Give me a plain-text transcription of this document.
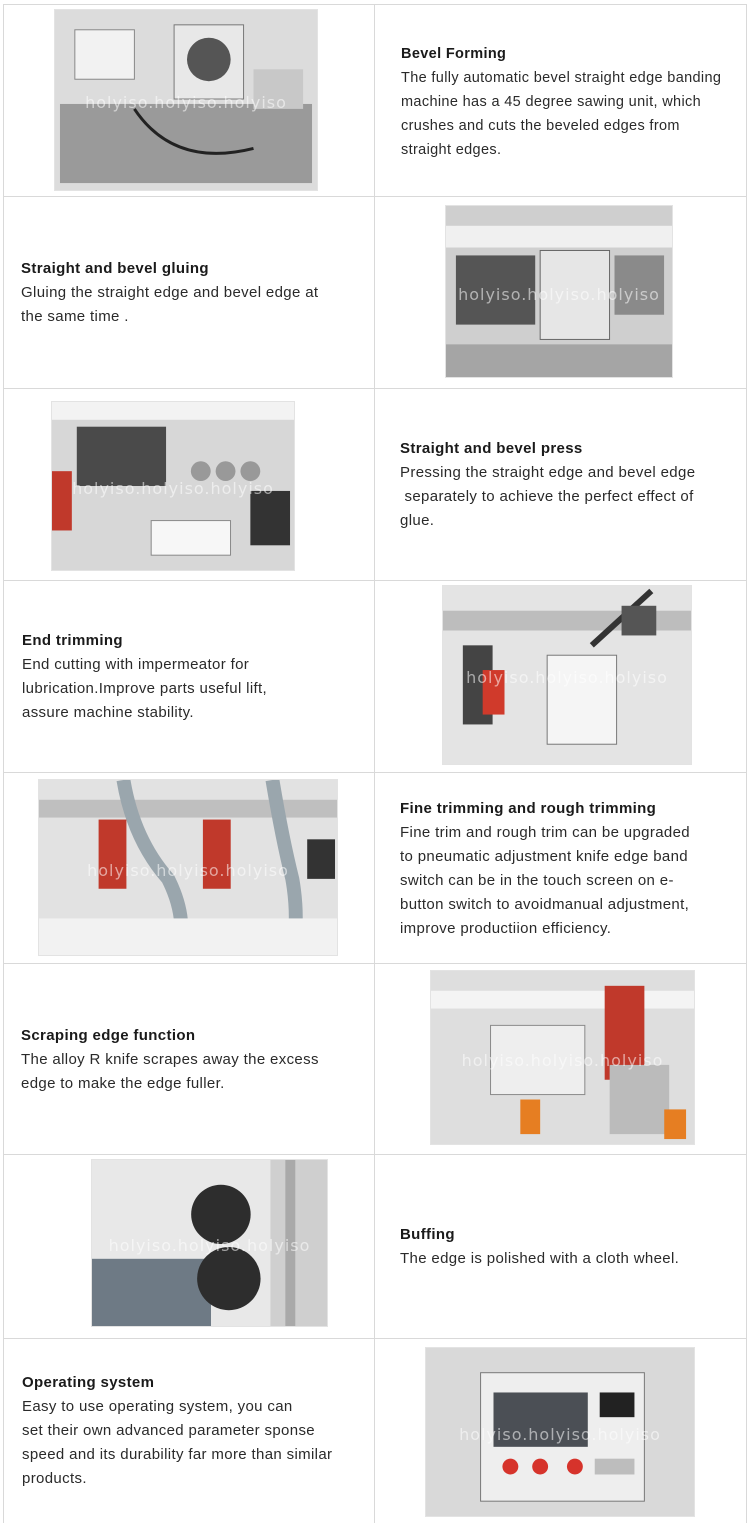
holyiso.holyiso.holyiso
Bevel Forming
The fully automatic bevel straight edge banding
machine has a 45 degree sawing unit, which
crushes and cuts the beveled edges from
straight edges.
Straight and bevel gluing
Gluing the straight edge and bevel edge at
the same time .
holyiso.holyiso.holyiso
holyiso.holyiso.holyiso
Straight and bevel press
Pressing the straight edge and bevel edge
separately to achieve the perfect effect of
glue.
End trimming
End cutting with impermeator for
lubrication.Improve parts useful lift,
assure machine stability.
holyiso.holyiso.holyiso
holyiso.holyiso.holyiso
Fine trimming and rough trimming
Fine trim and rough trim can be upgraded
to pneumatic adjustment knife edge band
switch can be in the touch screen on e-
button switch to avoidmanual adjustment,
improve productiion efficiency.
Scraping edge function
The alloy R knife scrapes away the excess
edge to make the edge fuller.
holyiso.holyiso.holyiso
holyiso.holyiso.holyiso
Buffing
The edge is polished with a cloth wheel.
Operating system
Easy to use operating system, you can
set their own advanced parameter sponse
speed and its durability far more than similar
products.
holyiso.holyiso.holyiso
